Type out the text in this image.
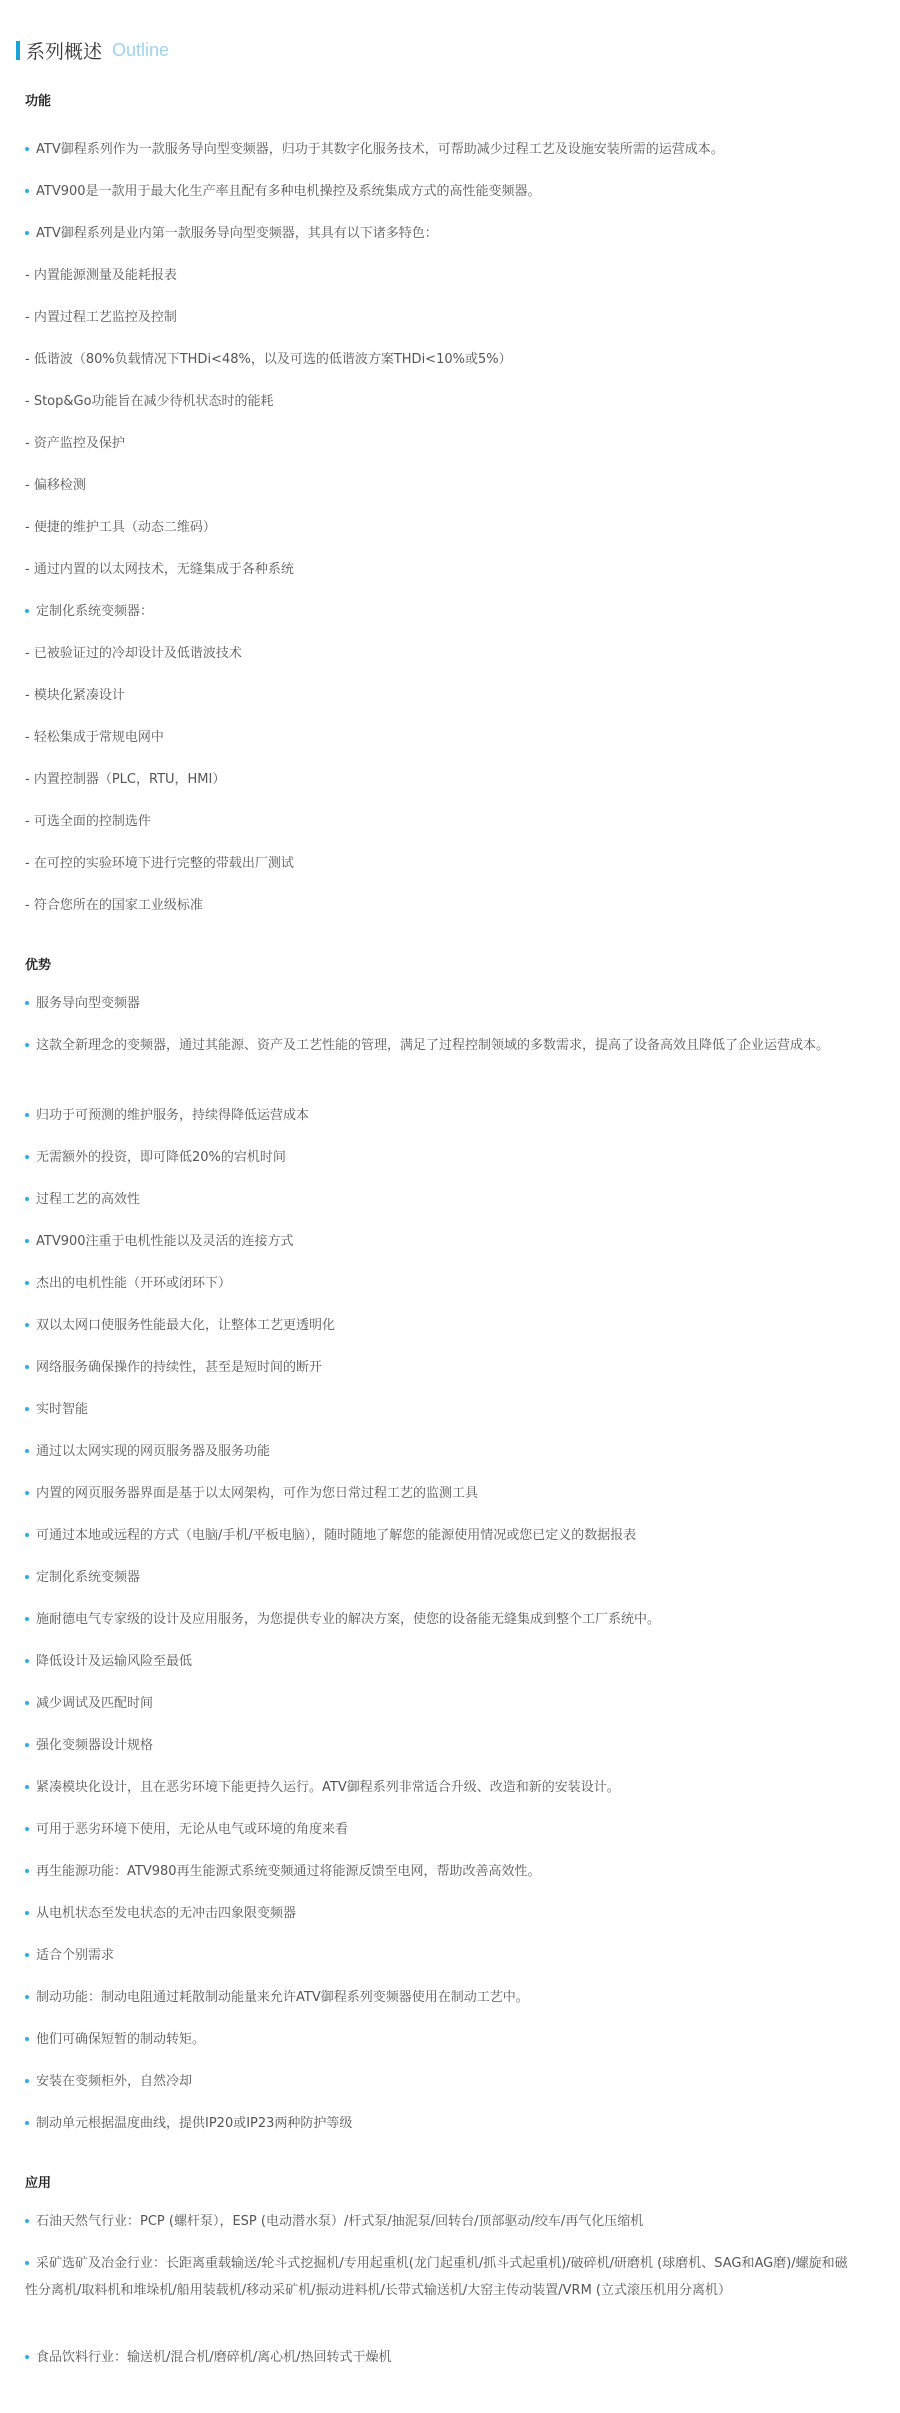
系列概述 Outline
功能
ATV御程系列作为一款服务导向型变频器，归功于其数字化服务技术，可帮助减少过程工艺及设施安装所需的运营成本。
ATV900是一款用于最大化生产率且配有多种电机操控及系统集成方式的高性能变频器。
ATV御程系列是业内第一款服务导向型变频器，其具有以下诸多特色：
- 内置能源测量及能耗报表
- 内置过程工艺监控及控制
- 低谐波（80%负载情况下THDi<48%，以及可选的低谐波方案THDi<10%或5%）
- Stop&Go功能旨在减少待机状态时的能耗
- 资产监控及保护
- 偏移检测
- 便捷的维护工具（动态二维码）
- 通过内置的以太网技术，无缝集成于各种系统
定制化系统变频器：
- 已被验证过的冷却设计及低谐波技术
- 模块化紧凑设计
- 轻松集成于常规电网中
- 内置控制器（PLC，RTU，HMI）
- 可选全面的控制选件
- 在可控的实验环境下进行完整的带载出厂测试
- 符合您所在的国家工业级标准
优势
服务导向型变频器
这款全新理念的变频器，通过其能源、资产及工艺性能的管理，满足了过程控制领域的多数需求，提高了设备高效且降低了企业运营成本。
归功于可预测的维护服务，持续得降低运营成本
无需额外的投资，即可降低20%的宕机时间
过程工艺的高效性
ATV900注重于电机性能以及灵活的连接方式
杰出的电机性能（开环或闭环下）
双以太网口使服务性能最大化，让整体工艺更透明化
网络服务确保操作的持续性，甚至是短时间的断开
实时智能
通过以太网实现的网页服务器及服务功能
内置的网页服务器界面是基于以太网架构，可作为您日常过程工艺的监测工具
可通过本地或远程的方式（电脑/手机/平板电脑），随时随地了解您的能源使用情况或您已定义的数据报表
定制化系统变频器
施耐德电气专家级的设计及应用服务，为您提供专业的解决方案，使您的设备能无缝集成到整个工厂系统中。
降低设计及运输风险至最低
减少调试及匹配时间
强化变频器设计规格
紧凑模块化设计，且在恶劣环境下能更持久运行。ATV御程系列非常适合升级、改造和新的安装设计。
可用于恶劣环境下使用，无论从电气或环境的角度来看
再生能源功能：ATV980再生能源式系统变频通过将能源反馈至电网，帮助改善高效性。
从电机状态至发电状态的无冲击四象限变频器
适合个别需求
制动功能：制动电阻通过耗散制动能量来允许ATV御程系列变频器使用在制动工艺中。
他们可确保短暂的制动转矩。
安装在变频柜外，自然冷却
制动单元根据温度曲线，提供IP20或IP23两种防护等级
应用
石油天然气行业：PCP (螺杆泵），ESP (电动潜水泵）/杆式泵/抽泥泵/回转台/顶部驱动/绞车/再气化压缩机
采矿选矿及冶金行业：长距离重载输送/轮斗式挖掘机/专用起重机(龙门起重机/抓斗式起重机)/破碎机/研磨机 (球磨机、SAG和AG磨)/螺旋和磁性分离机/取料机和堆垛机/船用装载机/移动采矿机/振动进料机/长带式输送机/大窑主传动装置/VRM (立式滚压机用分离机）
食品饮料行业：输送机/混合机/磨碎机/离心机/热回转式干燥机
